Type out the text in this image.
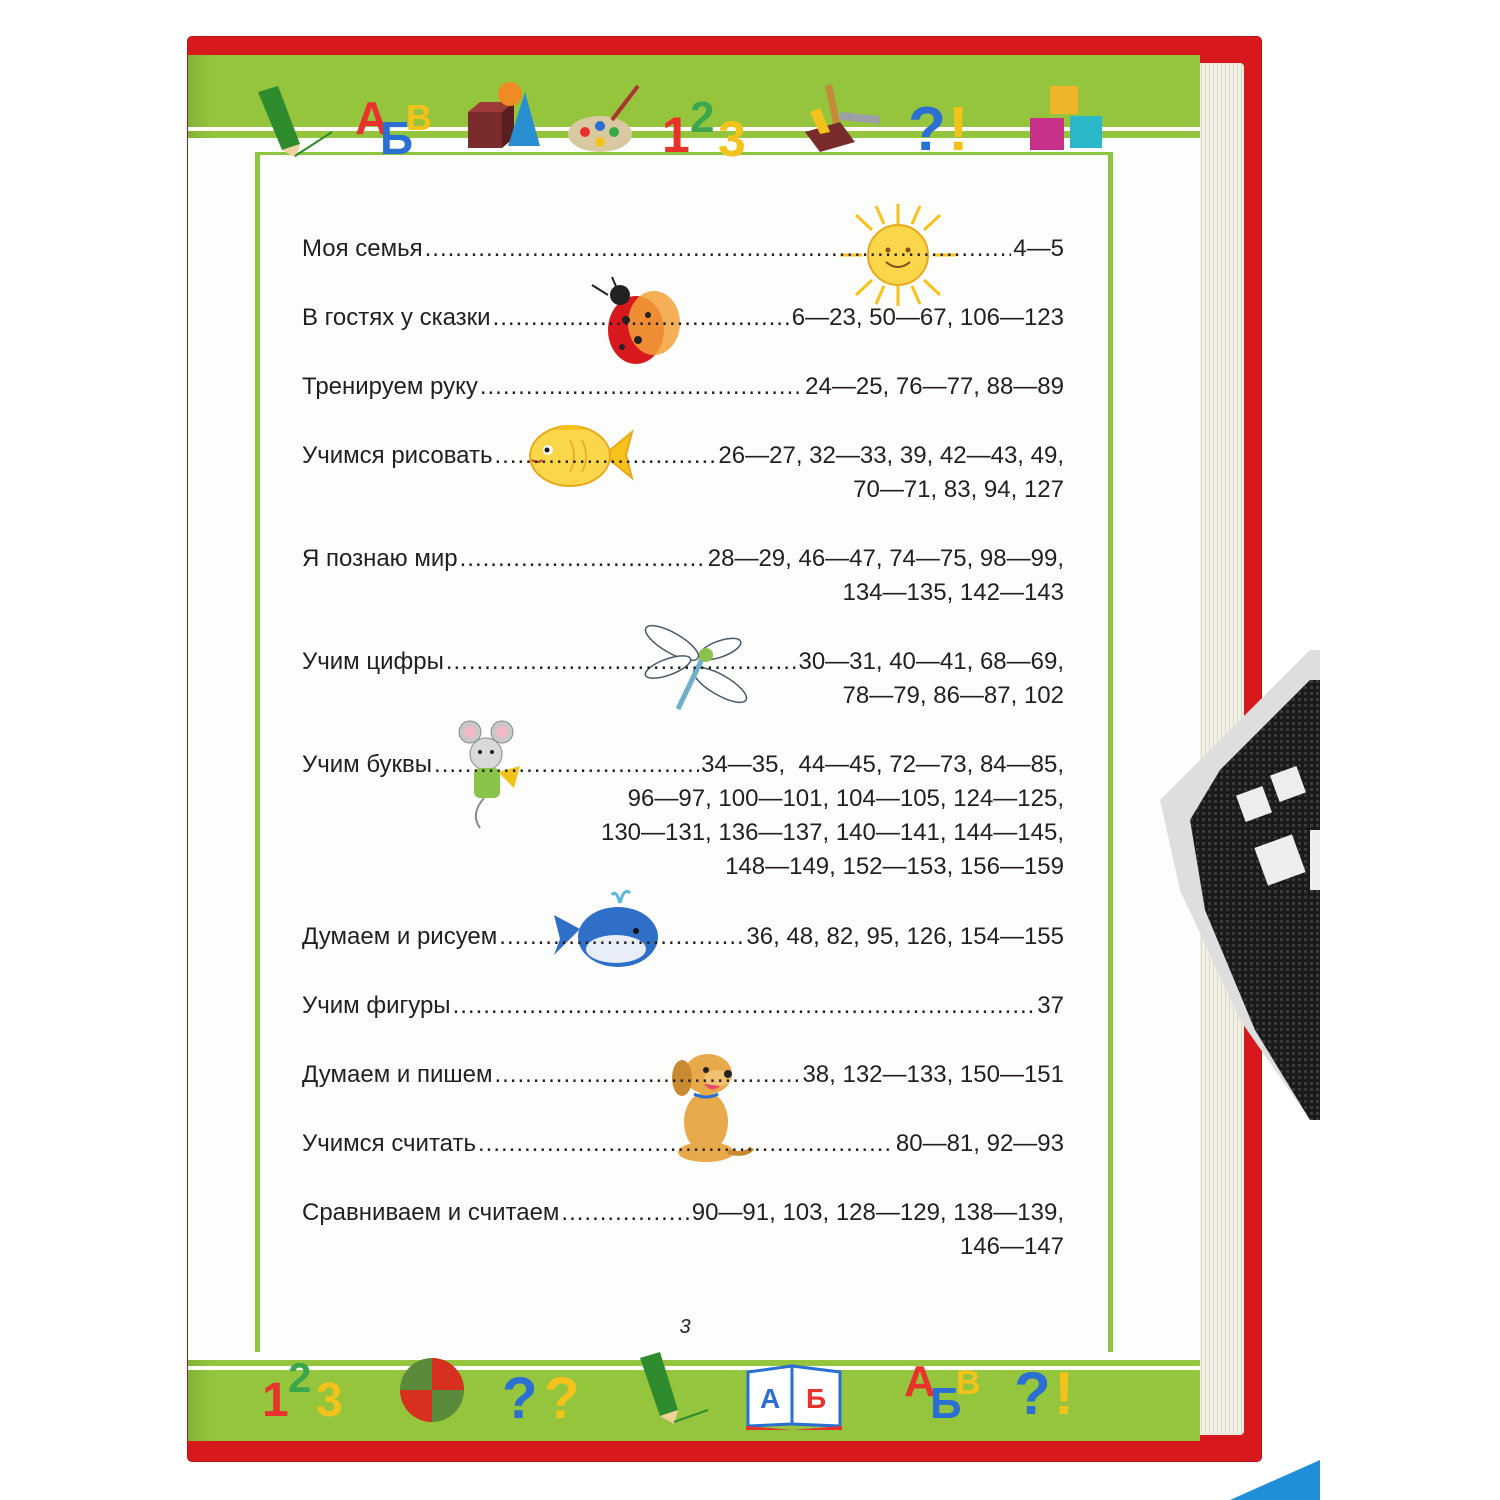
А
Б
В	1 2 3	? !
1 2 3	? ?	А Б А
Б
В ? !
Моя семья .....	4—5
В гостях у сказки .....	6—23, 50—67, 106—123
Тренируем руку .....	24—25, 76—77, 88—89
Учимся рисовать .....	26—27, 32—33, 39, 42—43, 49,
70—71, 83, 94, 127
Я познаю мир .....	28—29, 46—47, 74—75, 98—99,
134—135, 142—143
Учим цифры .....	30—31, 40—41, 68—69,
78—79, 86—87, 102
Учим буквы .....	34—35,  44—45, 72—73, 84—85,
96—97, 100—101, 104—105, 124—125,
130—131, 136—137, 140—141, 144—145,
148—149, 152—153, 156—159
Думаем и рисуем .....	36, 48, 82, 95, 126, 154—155
Учим фигуры .....	37
Думаем и пишем .....	38, 132—133, 150—151
Учимся считать .....	80—81, 92—93
Сравниваем и считаем .....	90—91, 103, 128—129, 138—139,
146—147
3
